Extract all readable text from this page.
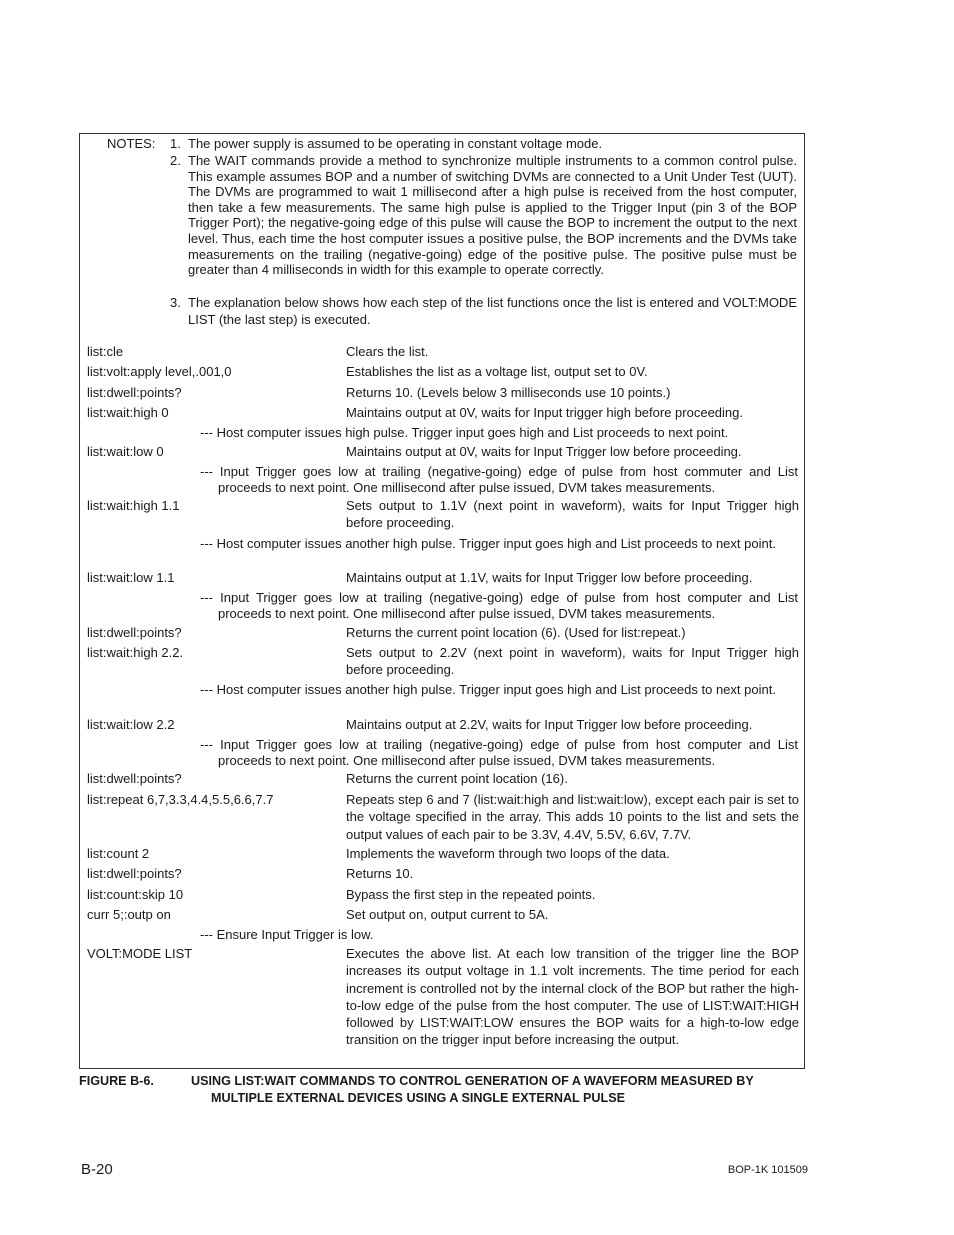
NOTES: 1. The power supply is assumed to be operating in constant voltage mode.
2. The WAIT commands provide a method to synchronize multiple instruments to a common control pulse. This example assumes BOP and a number of switching DVMs are connected to a Unit Under Test (UUT). The DVMs are programmed to wait 1 millisecond after a high pulse is received from the host computer, then take a few measurements. The same high pulse is applied to the Trigger Input (pin 3 of the BOP Trigger Port); the negative-going edge of this pulse will cause the BOP to increment the output to the next level. Thus, each time the host computer issues a positive pulse, the BOP increments and the DVMs take measurements on the trailing (negative-going) edge of the positive pulse. The positive pulse must be greater than 4 milliseconds in width for this example to operate correctly.
3. The explanation below shows how each step of the list functions once the list is entered and VOLT:MODE LIST (the last step) is executed.
list:cle	Clears the list.
list:volt:apply level,.001,0	Establishes the list as a voltage list, output set to 0V.
list:dwell:points?	Returns 10. (Levels below 3 milliseconds use 10 points.)
list:wait:high 0	Maintains output at 0V, waits for Input trigger high before proceeding.
--- Host computer issues high pulse. Trigger input goes high and List proceeds to next point.
list:wait:low 0	Maintains output at 0V, waits for Input Trigger low before proceeding.
--- Input Trigger goes low at trailing (negative-going) edge of pulse from host commuter and List proceeds to next point. One millisecond after pulse issued, DVM takes measurements.
list:wait:high 1.1	Sets output to 1.1V (next point in waveform), waits for Input Trigger high before proceeding.
--- Host computer issues another high pulse. Trigger input goes high and List proceeds to next point.
list:wait:low 1.1	Maintains output at 1.1V, waits for Input Trigger low before proceeding.
--- Input Trigger goes low at trailing (negative-going) edge of pulse from host computer and List proceeds to next point. One millisecond after pulse issued, DVM takes measurements.
list:dwell:points?	Returns the current point location (6). (Used for list:repeat.)
list:wait:high 2.2.	Sets output to 2.2V (next point in waveform), waits for Input Trigger high before proceeding.
--- Host computer issues another high pulse. Trigger input goes high and List proceeds to next point.
list:wait:low 2.2	Maintains output at 2.2V, waits for Input Trigger low before proceeding.
--- Input Trigger goes low at trailing (negative-going) edge of pulse from host computer and List proceeds to next point. One millisecond after pulse issued, DVM takes measurements.
list:dwell:points?	Returns the current point location (16).
list:repeat 6,7,3.3,4.4,5.5,6.6,7.7	Repeats step 6 and 7 (list:wait:high and list:wait:low), except each pair is set to the voltage specified in the array. This adds 10 points to the list and sets the output values of each pair to be 3.3V, 4.4V, 5.5V, 6.6V, 7.7V.
list:count 2	Implements the waveform through two loops of the data.
list:dwell:points?	Returns 10.
list:count:skip 10	Bypass the first step in the repeated points.
curr 5;:outp on	Set output on, output current to 5A.
--- Ensure Input Trigger is low.
VOLT:MODE LIST	Executes the above list. At each low transition of the trigger line the BOP increases its output voltage in 1.1 volt increments. The time period for each increment is controlled not by the internal clock of the BOP but rather the high-to-low edge of the pulse from the host computer. The use of LIST:WAIT:HIGH followed by LIST:WAIT:LOW ensures the BOP waits for a high-to-low edge transition on the trigger input before increasing the output.
FIGURE B-6.	USING LIST:WAIT COMMANDS TO CONTROL GENERATION OF A WAVEFORM MEASURED BY
MULTIPLE EXTERNAL DEVICES USING A SINGLE EXTERNAL PULSE
B-20	BOP-1K 101509
